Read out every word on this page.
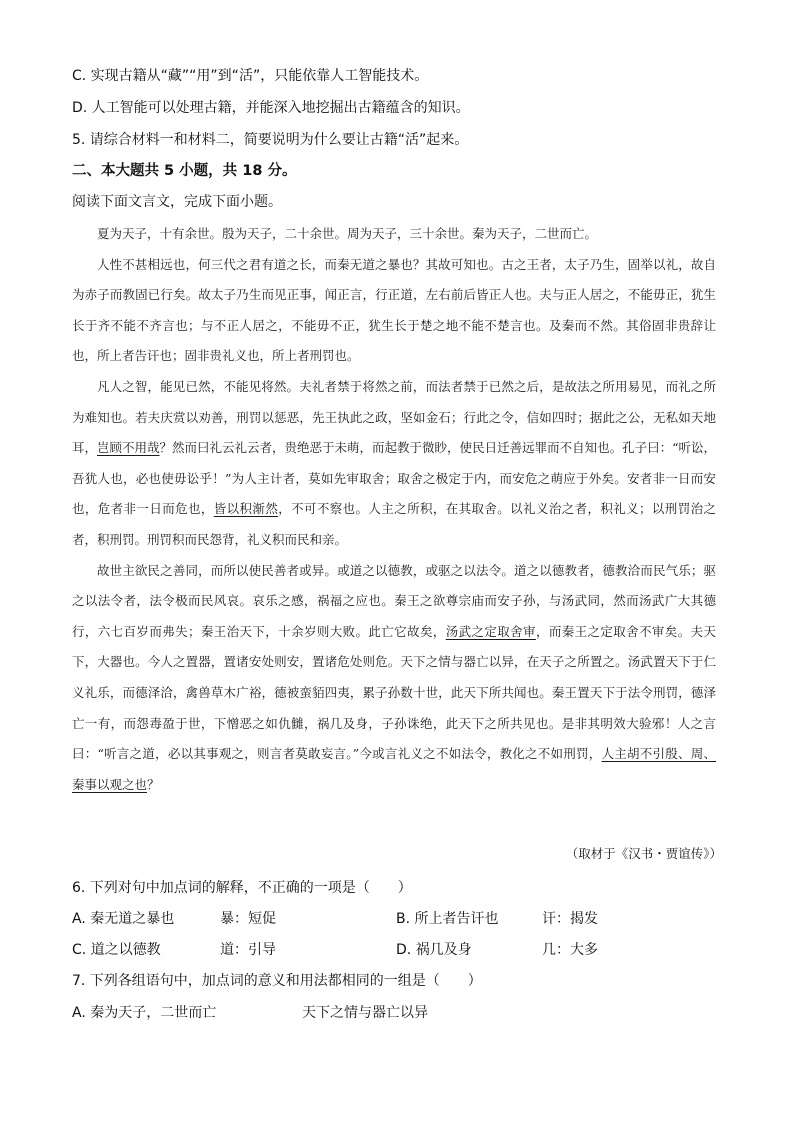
C. 实现古籍从“藏”“用”到“活”，只能依靠人工智能技术。
D. 人工智能可以处理古籍，并能深入地挖掘出古籍蕴含的知识。
5. 请综合材料一和材料二，简要说明为什么要让古籍“活”起来。
二、本大题共 5 小题，共 18 分。
阅读下面文言文，完成下面小题。

夏为天子，十有余世。殷为天子，二十余世。周为天子，三十余世。秦为天子，二世而亡。

人性不甚相远也，何三代之君有道之长，而秦无道之暴也？其故可知也。古之王者，太子乃生，固举以礼，故自为赤子而教固已行矣。故太子乃生而见正事，闻正言，行正道，左右前后皆正人也。夫与正人居之，不能毋正，犹生长于齐不能不齐言也；与不正人居之，不能毋不正，犹生长于楚之地不能不楚言也。及秦而不然。其俗固非贵辞让也，所上者告讦也；固非贵礼义也，所上者刑罚也。

凡人之智，能见已然，不能见将然。夫礼者禁于将然之前，而法者禁于已然之后，是故法之所用易见，而礼之所为难知也。若夫庆赏以劝善，刑罚以惩恶，先王执此之政，坚如金石；行此之令，信如四时；据此之公，无私如天地耳，岂顾不用哉？然而曰礼云礼云者，贵绝恶于未萌，而起教于微眇，使民日迁善远罪而不自知也。孔子曰：“听讼，吾犹人也，必也使毋讼乎！”为人主计者，莫如先审取舍；取舍之极定于内，而安危之萌应于外矣。安者非一日而安也，危者非一日而危也，皆以积渐然，不可不察也。人主之所积，在其取舍。以礼义治之者，积礼义；以刑罚治之者，积刑罚。刑罚积而民怨背，礼义积而民和亲。

故世主欲民之善同，而所以使民善者或异。或道之以德教，或驱之以法令。道之以德教者，德教洽而民气乐；驱之以法令者，法令极而民风哀。哀乐之感，祸福之应也。秦王之欲尊宗庙而安子孙，与汤武同，然而汤武广大其德行，六七百岁而弗失；秦王治天下，十余岁则大败。此亡它故矣，汤武之定取舍审，而秦王之定取舍不审矣。夫天下，大器也。今人之置器，置诸安处则安，置诸危处则危。天下之情与器亡以异，在天子之所置之。汤武置天下于仁义礼乐，而德泽洽，禽兽草木广裕，德被蛮貊四夷，累子孙数十世，此天下所共闻也。秦王置天下于法令刑罚，德泽亡一有，而怨毒盈于世，下憎恶之如仇雠，祸几及身，子孙诛绝，此天下之所共见也。是非其明效大验邪！人之言曰：“听言之道，必以其事观之，则言者莫敢妄言。”今或言礼义之不如法令，教化之不如刑罚，人主胡不引殷、周、秦事以观之也？

（取材于《汉书・贾谊传》）
6. 下列对句中加点词的解释，不正确的一项是（　　）
A. 秦无道之暴也	暴：短促	B. 所上者告讦也	讦：揭发
C. 道之以德教	道：引导	D. 祸几及身	几：大多
7. 下列各组语句中，加点词的意义和用法都相同的一组是（　　）
A. 秦为天子，二世而亡	天下之情与器亡以异
